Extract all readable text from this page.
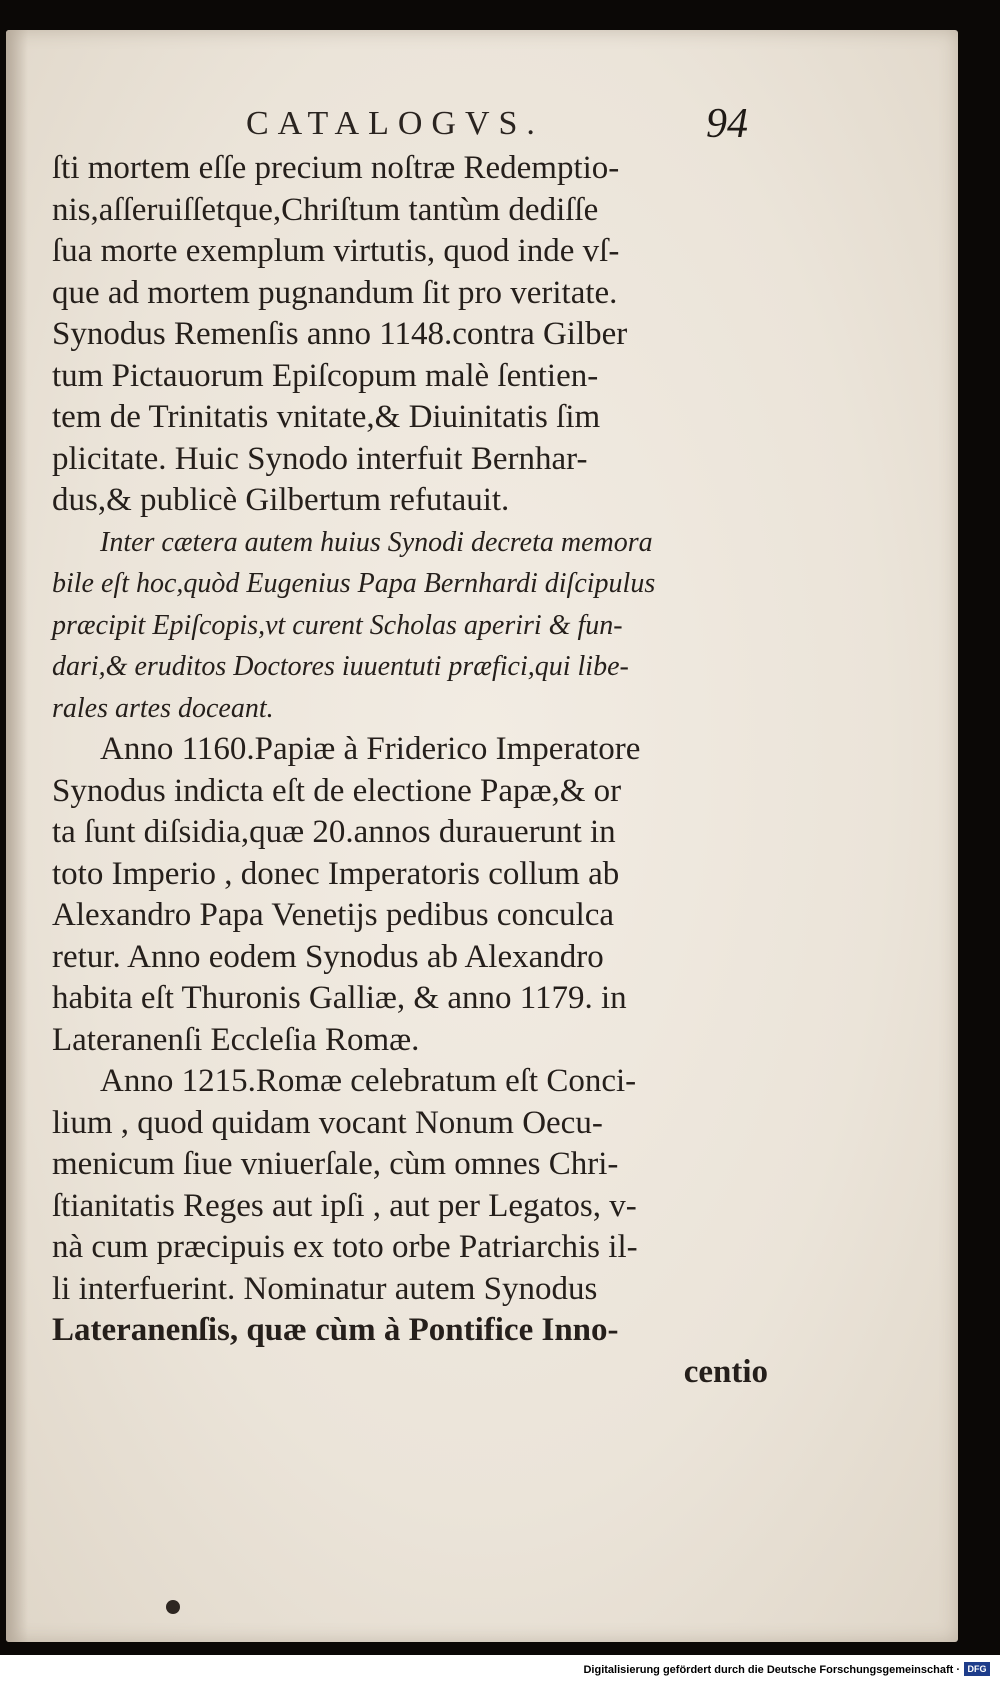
CATALOGVS.	94
ſti mortem eſſe precium noſtræ Redemptio-
nis,aſſeruiſſetque,Chriſtum tantùm dediſſe
ſua morte exemplum virtutis, quod inde vſ-
que ad mortem pugnandum ſit pro veritate.
Synodus Remenſis anno 1148.contra Gilber
tum Pictauorum Epiſcopum malè ſentien-
tem de Trinitatis vnitate,& Diuinitatis ſim
plicitate. Huic Synodo interfuit Bernhar-
dus,& publicè Gilbertum refutauit.
Inter cætera autem huius Synodi decreta memora
bile eſt hoc,quòd Eugenius Papa Bernhardi diſcipulus
præcipit Epiſcopis,vt curent Scholas aperiri & fun-
dari,& eruditos Doctores iuuentuti præfici,qui libe-
rales artes doceant.
Anno 1160.Papiæ à Friderico Imperatore
Synodus indicta eſt de electione Papæ,& or
ta ſunt diſsidia,quæ 20.annos durauerunt in
toto Imperio , donec Imperatoris collum ab
Alexandro Papa Venetijs pedibus conculca
retur. Anno eodem Synodus ab Alexandro
habita eſt Thuronis Galliæ, & anno 1179. in
Lateranenſi Eccleſia Romæ.
Anno 1215.Romæ celebratum eſt Conci-
lium , quod quidam vocant Nonum Oecu-
menicum ſiue vniuerſale, cùm omnes Chri-
ſtianitatis Reges aut ipſi , aut per Legatos, v-
nà cum præcipuis ex toto orbe Patriarchis il-
li interfuerint. Nominatur autem Synodus
Lateranenſis, quæ cùm à Pontifice Inno-
centio
Digitalisierung gefördert durch die Deutsche Forschungsgemeinschaft · DFG
